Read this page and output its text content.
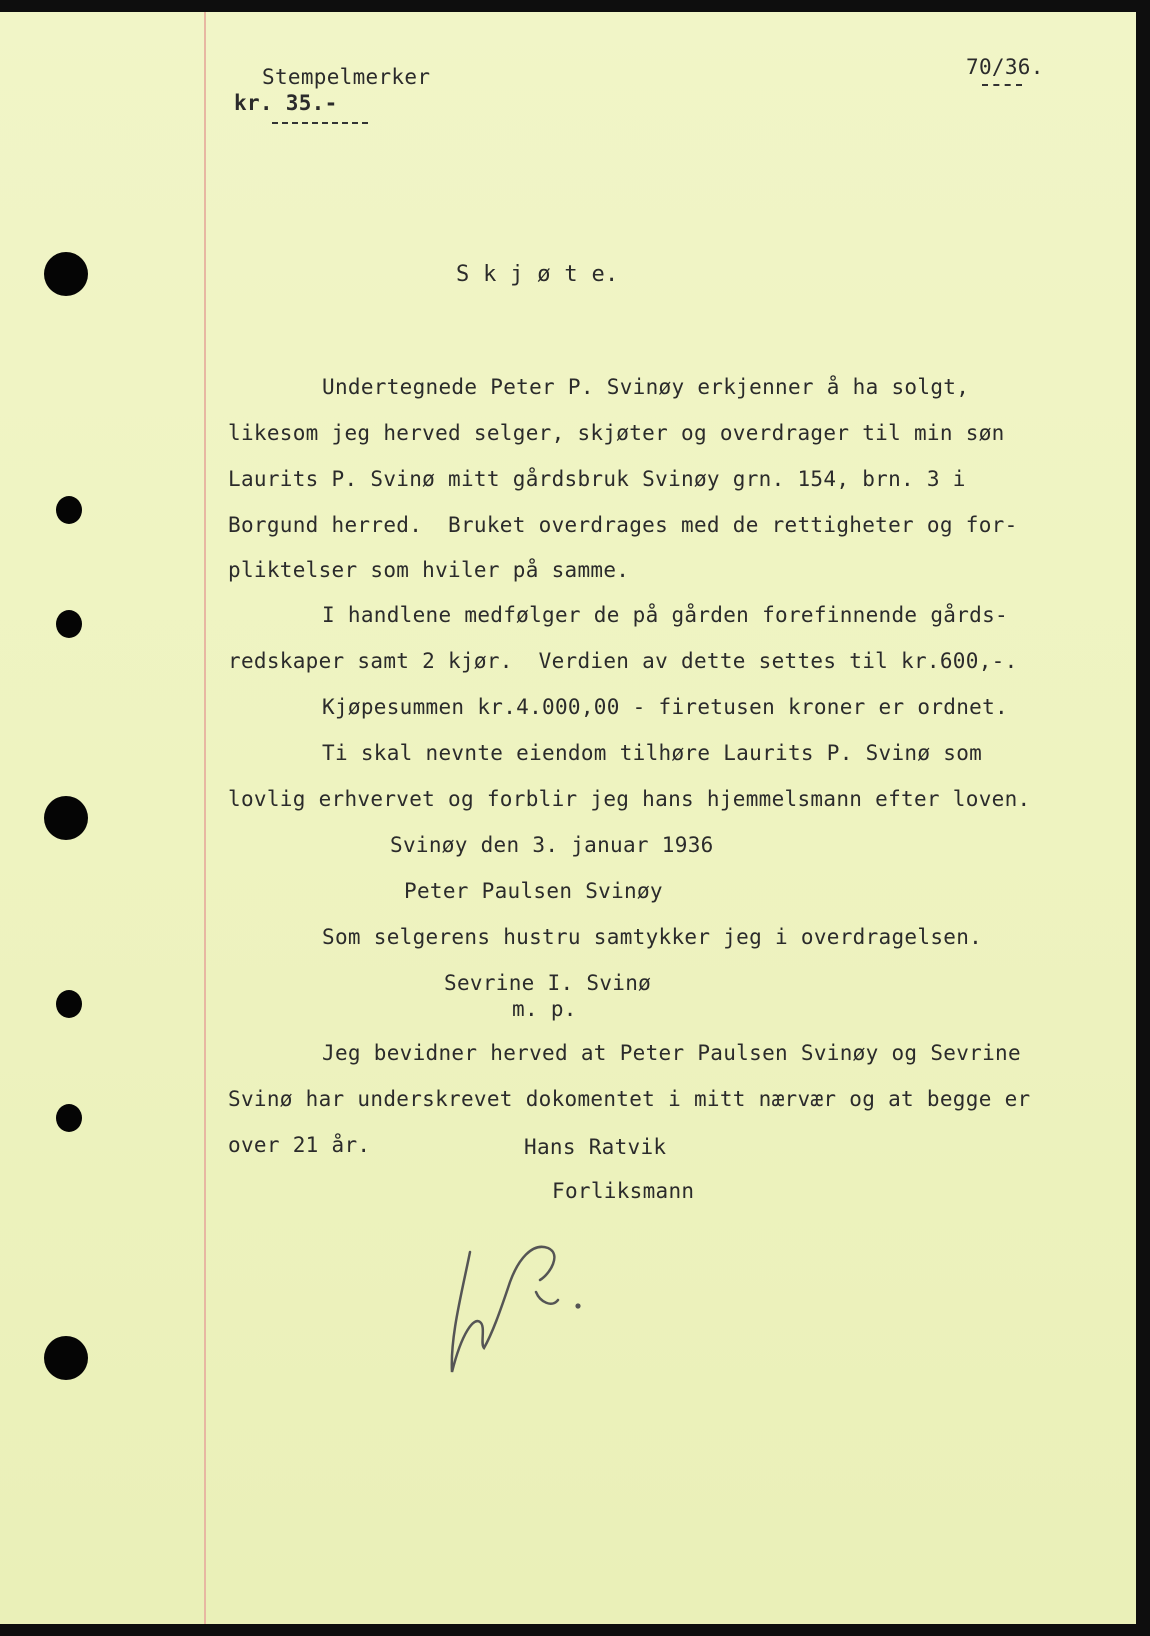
Stempelmerker
kr. 35.-
70/36.
S k j ø t e.
Undertegnede Peter P. Svinøy erkjenner å ha solgt,
likesom jeg herved selger, skjøter og overdrager til min søn
Laurits P. Svinø mitt gårdsbruk Svinøy grn. 154, brn. 3 i
Borgund herred.  Bruket overdrages med de rettigheter og for-
pliktelser som hviler på samme.
I handlene medfølger de på gården forefinnende gårds-
redskaper samt 2 kjør.  Verdien av dette settes til kr.600,-.
Kjøpesummen kr.4.000,00 - firetusen kroner er ordnet.
Ti skal nevnte eiendom tilhøre Laurits P. Svinø som
lovlig erhvervet og forblir jeg hans hjemmelsmann efter loven.
Svinøy den 3. januar 1936
Peter Paulsen Svinøy
Som selgerens hustru samtykker jeg i overdragelsen.
Sevrine I. Svinø
m. p.
Jeg bevidner herved at Peter Paulsen Svinøy og Sevrine
Svinø har underskrevet dokomentet i mitt nærvær og at begge er
over 21 år.	Hans Ratvik
Forliksmann
